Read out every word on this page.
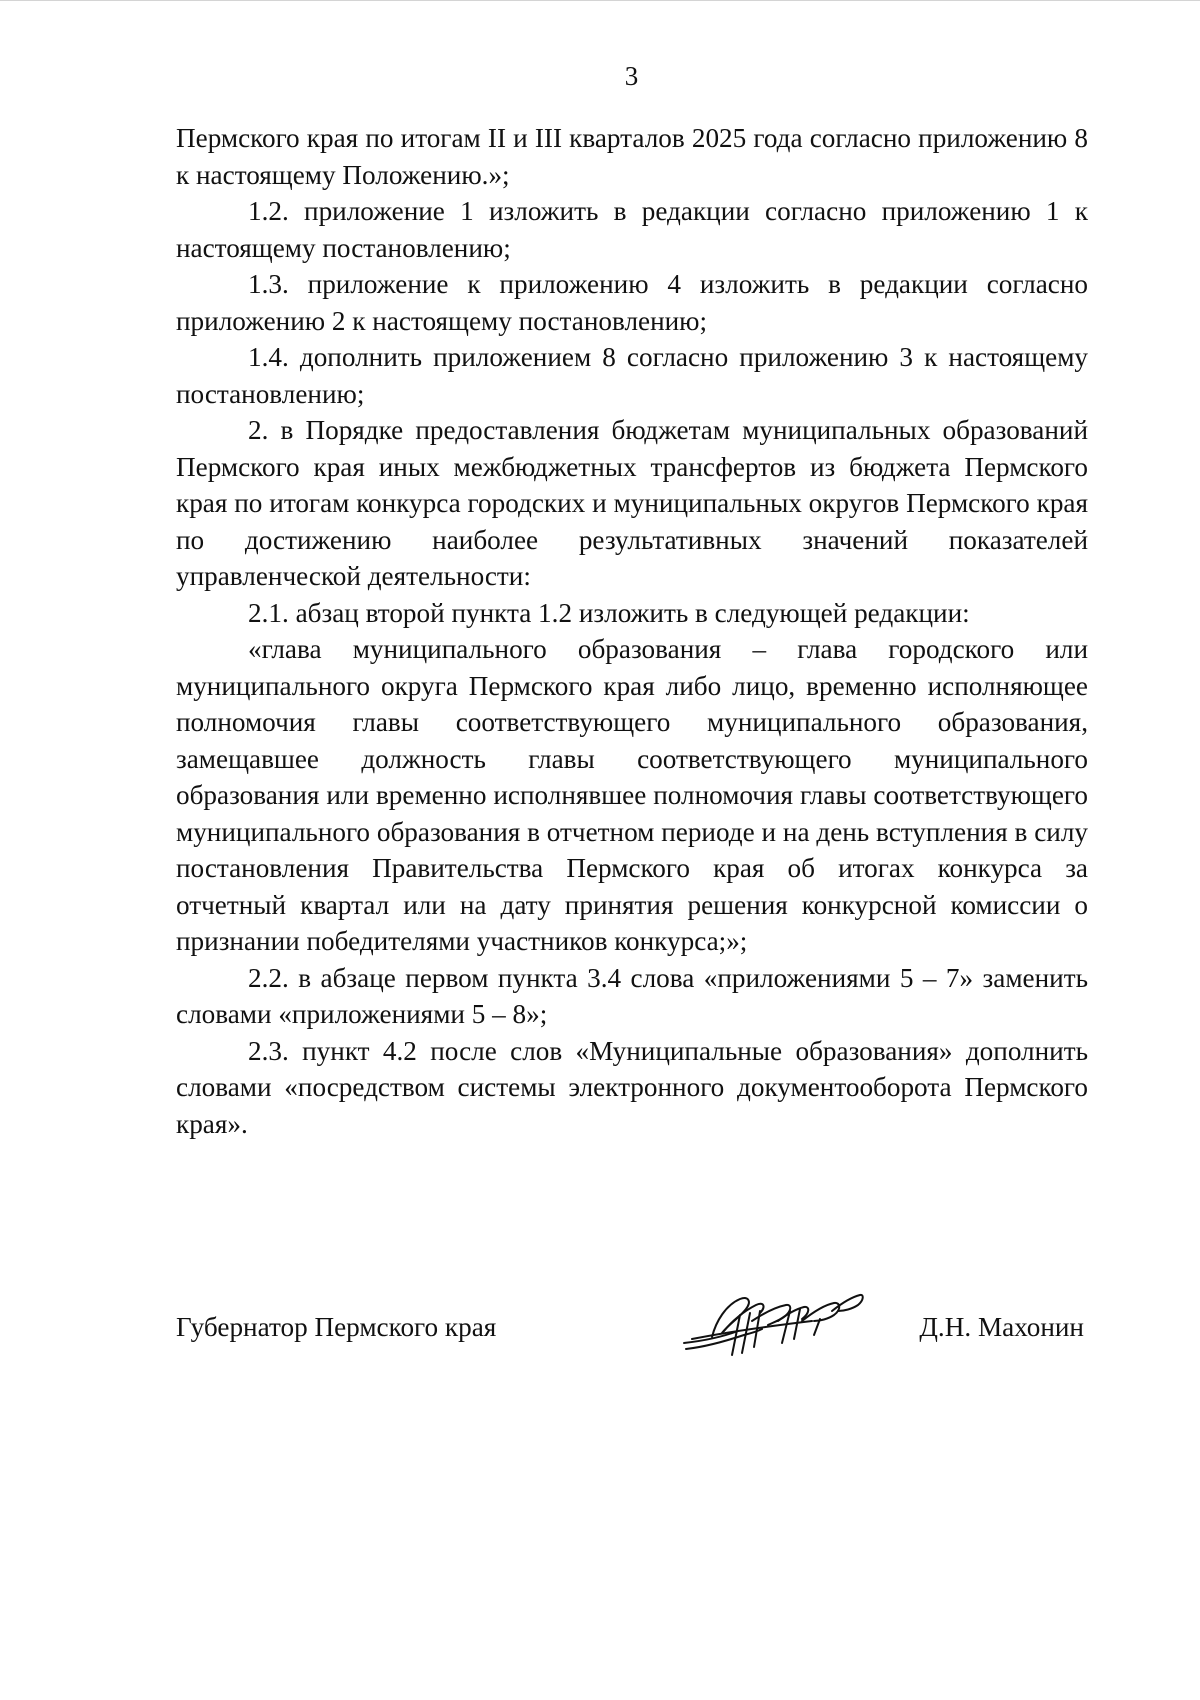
3

Пермского края по итогам II и III кварталов 2025 года согласно приложению 8 к настоящему Положению.»;

1.2. приложение 1 изложить в редакции согласно приложению 1 к настоящему постановлению;

1.3. приложение к приложению 4 изложить в редакции согласно приложению 2 к настоящему постановлению;

1.4. дополнить приложением 8 согласно приложению 3 к настоящему постановлению;

2. в Порядке предоставления бюджетам муниципальных образований Пермского края иных межбюджетных трансфертов из бюджета Пермского края по итогам конкурса городских и муниципальных округов Пермского края по достижению наиболее результативных значений показателей управленческой деятельности:

2.1. абзац второй пункта 1.2 изложить в следующей редакции:

«глава муниципального образования – глава городского или муниципального округа Пермского края либо лицо, временно исполняющее полномочия главы соответствующего муниципального образования, замещавшее должность главы соответствующего муниципального образования или временно исполнявшее полномочия главы соответствующего муниципального образования в отчетном периоде и на день вступления в силу постановления Правительства Пермского края об итогах конкурса за отчетный квартал или на дату принятия решения конкурсной комиссии о признании победителями участников конкурса;»;

2.2. в абзаце первом пункта 3.4 слова «приложениями 5 – 7» заменить словами «приложениями 5 – 8»;

2.3. пункт 4.2 после слов «Муниципальные образования» дополнить словами «посредством системы электронного документооборота Пермского края».

Губернатор Пермского края	Д.Н. Махонин
